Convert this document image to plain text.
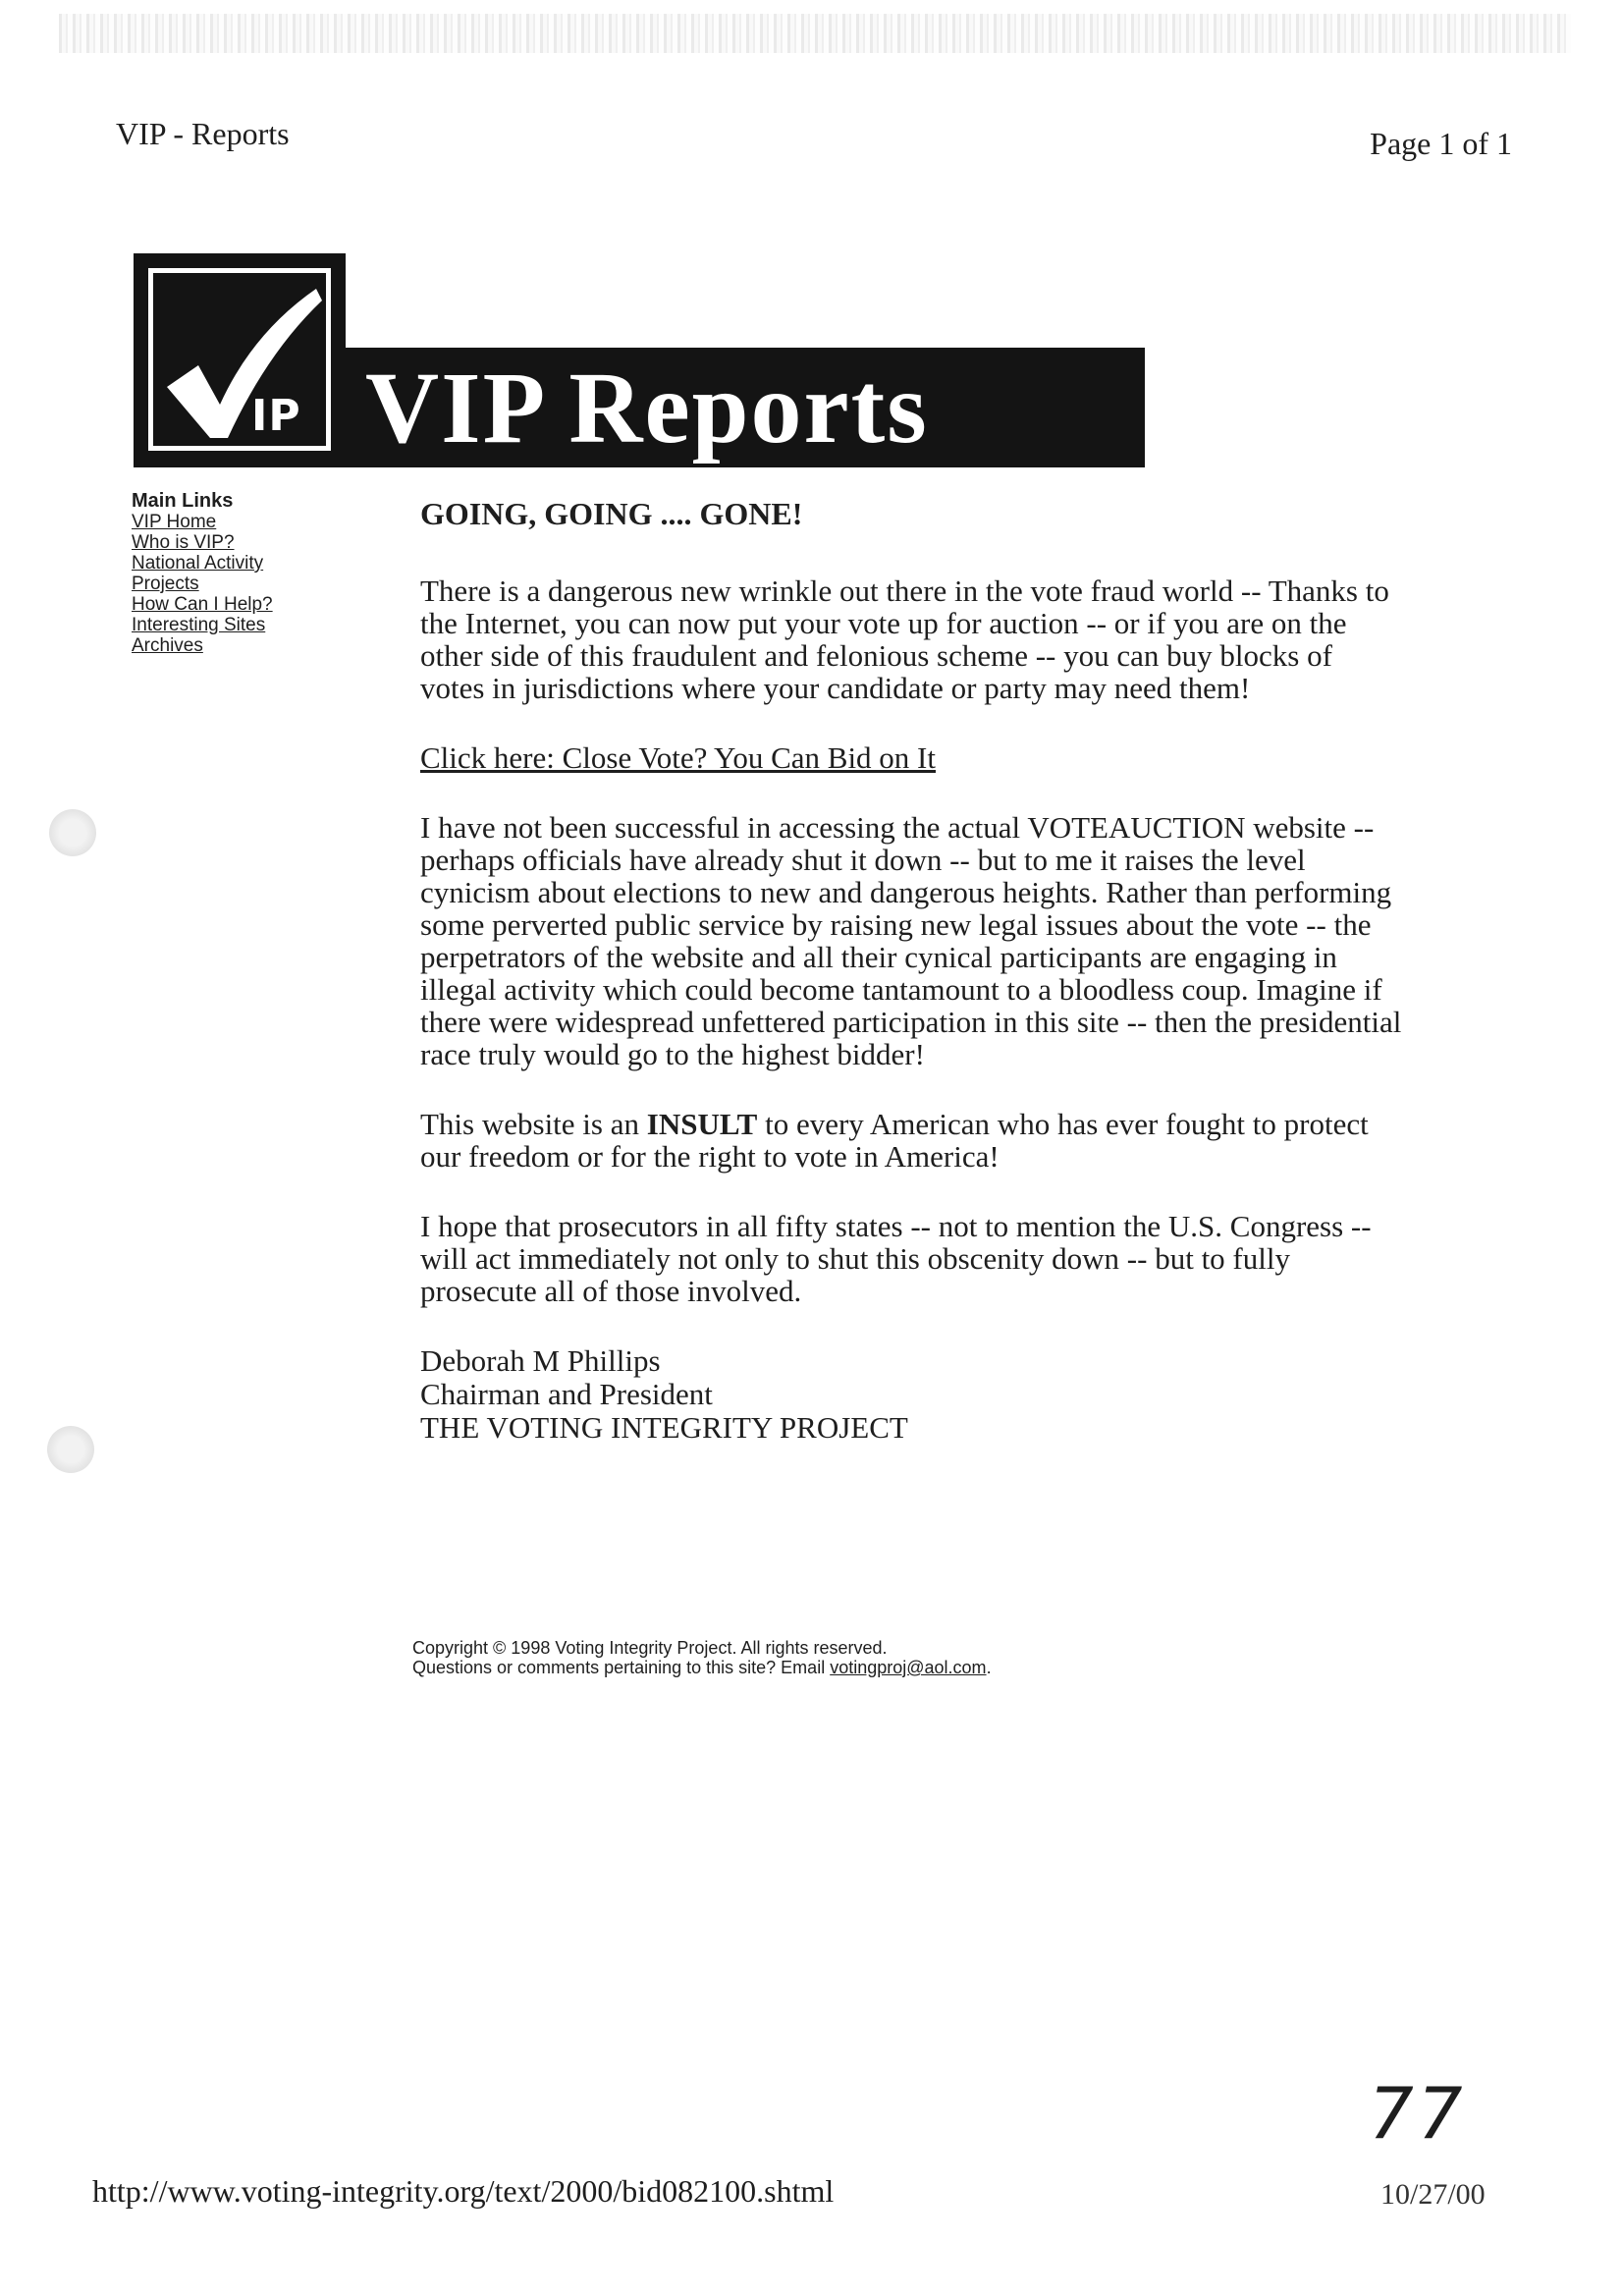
VIP - Reports	Page 1 of 1
IP VIP Reports
Main Links
VIP Home
Who is VIP?
National Activity
Projects
How Can I Help?
Interesting Sites
Archives
GOING, GOING .... GONE!

There is a dangerous new wrinkle out there in the vote fraud world -- Thanks to the Internet, you can now put your vote up for auction -- or if you are on the other side of this fraudulent and felonious scheme -- you can buy blocks of votes in jurisdictions where your candidate or party may need them!

Click here: Close Vote? You Can Bid on It

I have not been successful in accessing the actual VOTEAUCTION website -- perhaps officials have already shut it down -- but to me it raises the level cynicism about elections to new and dangerous heights. Rather than performing some perverted public service by raising new legal issues about the vote -- the perpetrators of the website and all their cynical participants are engaging in illegal activity which could become tantamount to a bloodless coup. Imagine if there were widespread unfettered participation in this site -- then the presidential race truly would go to the highest bidder!

This website is an INSULT to every American who has ever fought to protect our freedom or for the right to vote in America!

I hope that prosecutors in all fifty states -- not to mention the U.S. Congress -- will act immediately not only to shut this obscenity down -- but to fully prosecute all of those involved.

Deborah M Phillips
Chairman and President
THE VOTING INTEGRITY PROJECT
Copyright © 1998 Voting Integrity Project. All rights reserved.
Questions or comments pertaining to this site? Email votingproj@aol.com.
http://www.voting-integrity.org/text/2000/bid082100.shtml
77
10/27/00
